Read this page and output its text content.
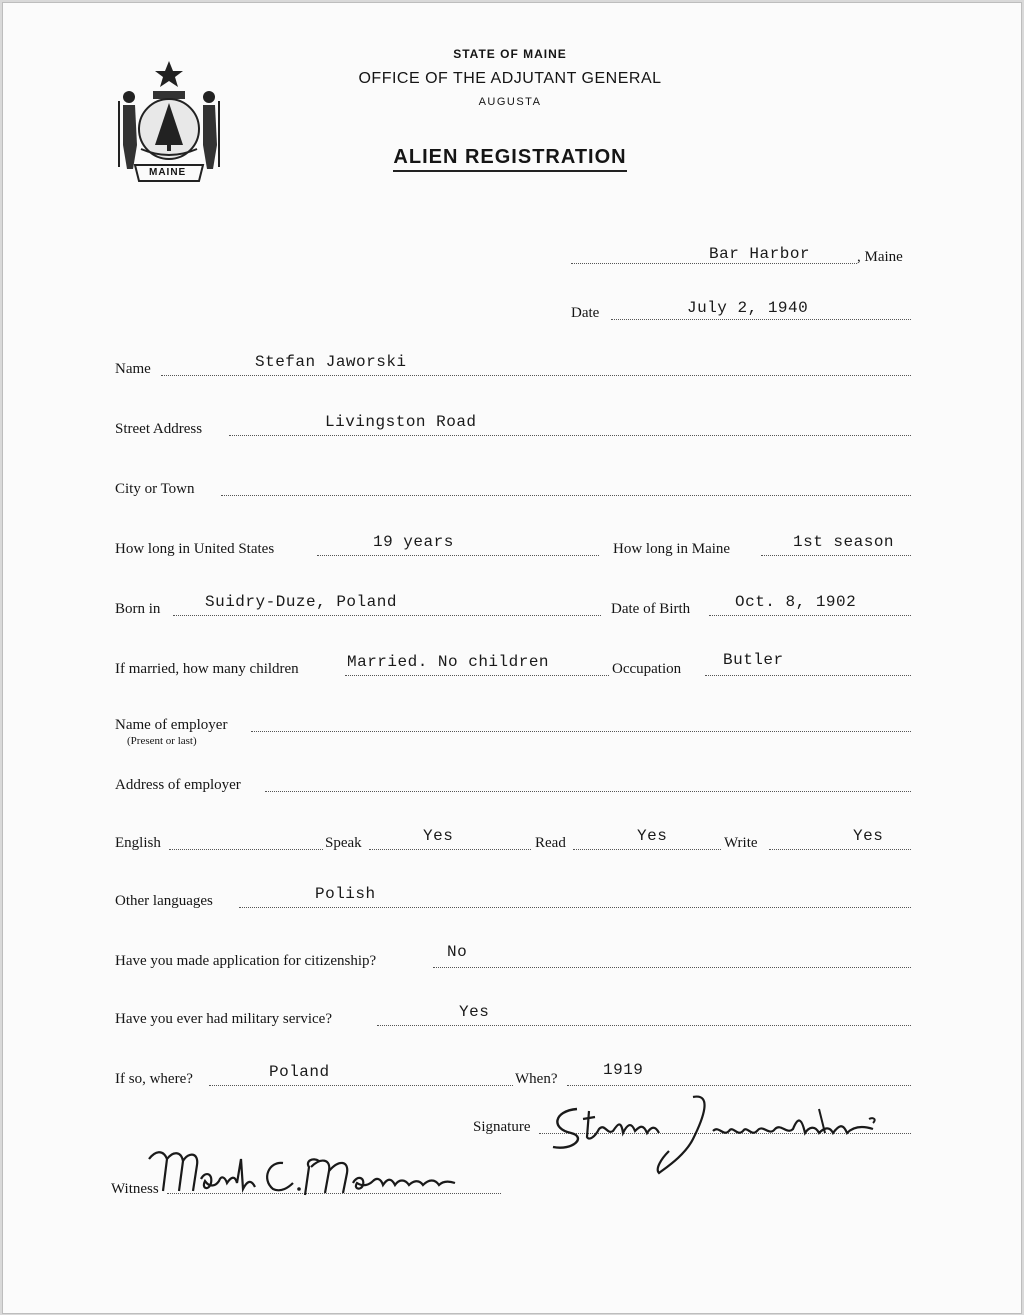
MAINE
STATE OF MAINE
OFFICE OF THE ADJUTANT GENERAL
AUGUSTA
ALIEN REGISTRATION
Bar Harbor	, Maine
Date	July 2, 1940
Name	Stefan Jaworski
Street Address	Livingston Road
City or Town
How long in United States	19 years	How long in Maine	1st season
Born in	Suidry-Duze, Poland	Date of Birth	Oct. 8, 1902
If married, how many children	Married. No children	Occupation	Butler
Name of employer
(Present or last)
Address of employer
English	Speak	Yes	Read	Yes	Write	Yes
Other languages	Polish
Have you made application for citizenship?	No
Have you ever had military service?	Yes
If so, where?	Poland	When?	1919
Signature
Witness
